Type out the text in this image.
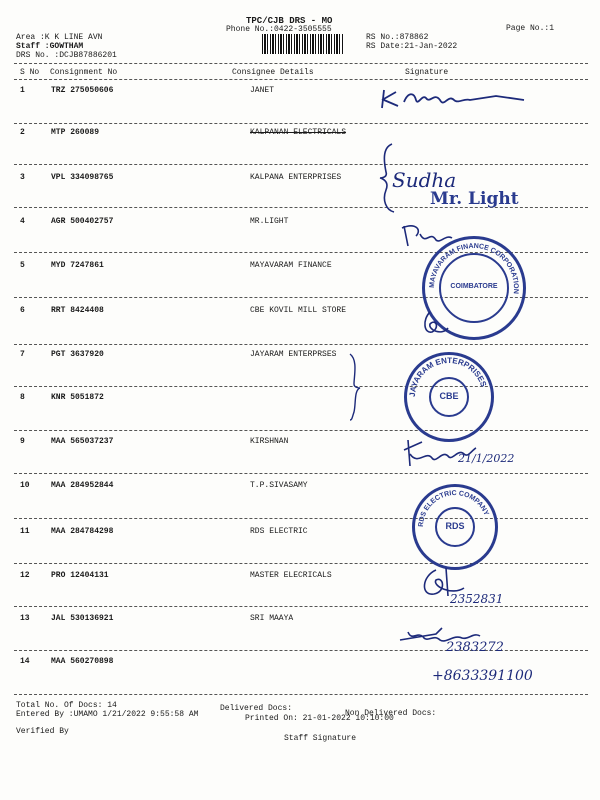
TPC/CJB DRS - MO
Phone No.:0422-3505555	Page No.:1
Area :K K LINE AVN
Staff :GOWTHAM
DRS No. :DCJB87886201
RS No.:878862
RS Date:21-Jan-2022
S No Consignment No	Consignee Details	Signature
1	TRZ 275050606	JANET
2	MTP 260089	KALPANAN ELECTRICALS
3	VPL 334098765	KALPANA ENTERPRISES
4	AGR 500402757	MR.LIGHT
5	MYD 7247861	MAYAVARAM FINANCE
6	RRT 8424408	CBE KOVIL MILL STORE
7	PGT 3637920	JAYARAM ENTERPRSES
8	KNR 5051872
9	MAA 565037237	KIRSHNAN
10	MAA 284952844	T.P.SIVASAMY
11	MAA 284784298	RDS ELECTRIC
12	PRO 12404131	MASTER ELECRICALS
13	JAL 530136921	SRI MAAYA
14	MAA 560270898
Total No. Of Docs: 14	Delivered Docs:
Non Delivered Docs:
Entered By :UMAMO 1/21/2022 9:55:58 AM	Printed On: 21-01-2022 10:10:00
Verified By
Staff Signature
Sudha
Mr. Light
MAYAVARAM FINANCE CORPORATION
COIMBATORE
JAYARAM ENTERPRISES
CBE
21/1/2022
RDS ELECTRIC COMPANY
RDS
2352831
2383272
+8633391100
